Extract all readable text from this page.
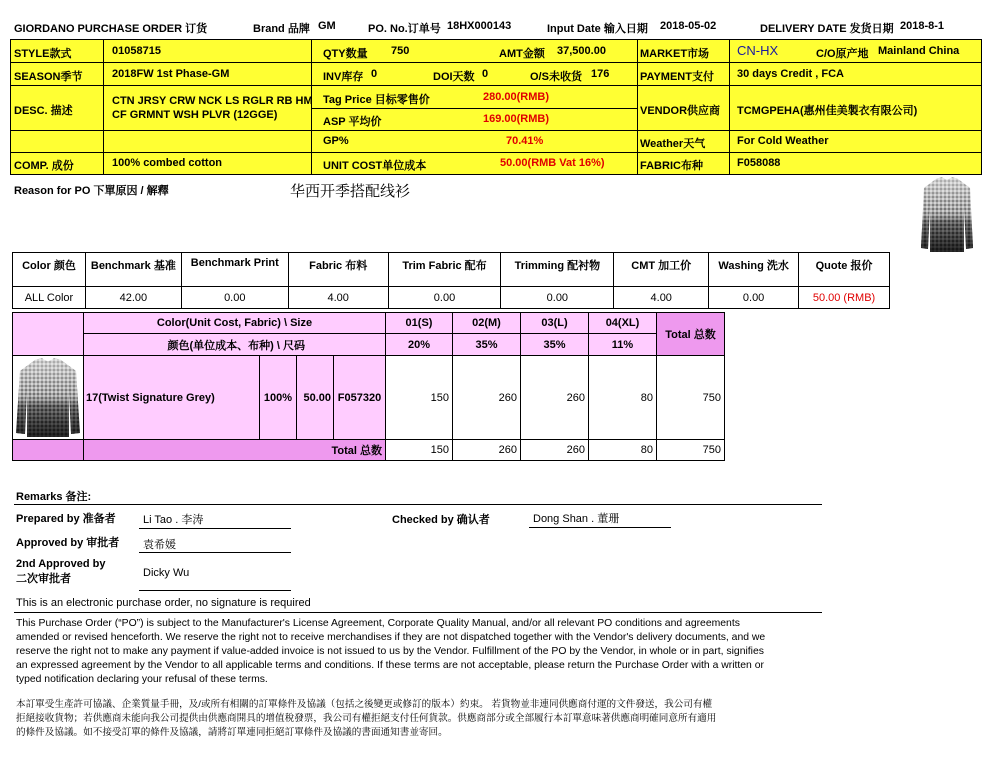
GIORDANO PURCHASE ORDER 订货	Brand 品牌 GM	PO. No.订单号 18HX000143	Input Date 输入日期 2018-05-02	DELIVERY DATE 发货日期 2018-8-1
STYLE款式	01058715	QTY数量 750	AMT金额 37,500.00	MARKET市场 CN-HX	C/O原产地 Mainland China
SEASON季节	2018FW 1st Phase-GM	INV库存 0	DOI天数 0	O/S未收货 176	PAYMENT支付 30 days Credit , FCA
DESC. 描述
CTN JRSY CRW NCK LS RGLR RB HM
CF GRMNT WSH PLVR (12GGE)
Tag Price 目标零售价	280.00(RMB)
ASP 平均价	169.00(RMB)
VENDOR供应商 TCMGPEHA(惠州佳美製衣有限公司)
GP%	70.41%	Weather天气	For Cold Weather
COMP. 成份	100% combed cotton	UNIT COST单位成本	50.00(RMB Vat 16%)	FABRIC布种	F058088
Reason for PO 下單原因 / 解釋	华西开季搭配线衫
Color 颜色	Benchmark 基准	Benchmark Print	Fabric 布料	Trim Fabric 配布	Trimming 配衬物	CMT 加工价	Washing 洗水	Quote 报价
ALL Color	42.00	0.00	4.00	0.00	0.00	4.00	0.00	50.00 (RMB)
	Color(Unit Cost, Fabric) \ Size				01(S)	02(M)	03(L)	04(XL)	Total 总数
	颜色(单位成本、布种) \ 尺码				20%	35%	35%	11%	

	17(Twist Signature Grey)	100%	50.00	F057320	150	260	260	80	750
	Total 总数				150	260	260	80	750
Remarks 备注:
Prepared by 准备者 Li Tao . 李涛	Checked by 确认者	Dong Shan . 董珊
Approved by 审批者 袁希媛
2nd Approved by
二次审批者	Dicky Wu
This is an electronic purchase order, no signature is required
This Purchase Order (“PO”) is subject to the Manufacturer's License Agreement, Corporate Quality Manual, and/or all relevant PO conditions and agreements
amended or revised henceforth. We reserve the right not to receive merchandises if they are not dispatched together with the Vendor's delivery documents, and we
reserve the right not to make any payment if value-added invoice is not issued to us by the Vendor. Fulfillment of the PO by the Vendor, in whole or in part, signifies
an expressed agreement by the Vendor to all applicable terms and conditions. If these terms are not acceptable, please return the Purchase Order with a written or
typed notification declaring your refusal of these terms.
本訂單受生產許可協議、企業質量手冊，及/或所有相關的訂單條件及協議（包括之後變更或修訂的版本）約束。 若貨物並非連同供應商付運的文件發送，我公司有權
拒絕接收貨物；若供應商未能向我公司提供由供應商開具的增值稅發票，我公司有權拒絕支付任何貨款。供應商部分或全部履行本訂單意味著供應商明確同意所有適用
的條件及協議。如不接受訂單的條件及協議，請將訂單連同拒絕訂單條件及協議的書面通知書並寄回。
